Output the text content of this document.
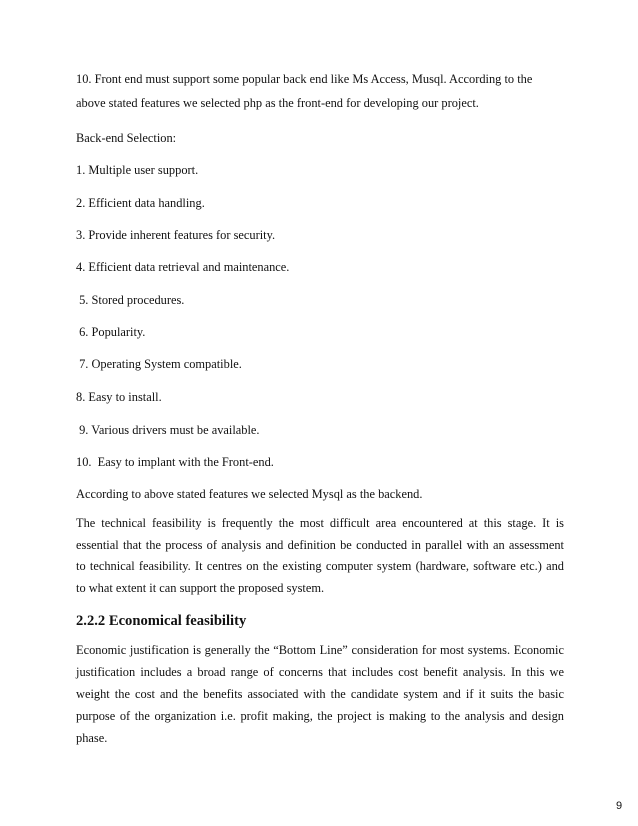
10. Front end must support some popular back end like Ms Access, Musql. According to the
above stated features we selected php as the front-end for developing our project.
Back-end Selection:
1. Multiple user support.
2. Efficient data handling.
3. Provide inherent features for security.
4. Efficient data retrieval and maintenance.
5. Stored procedures.
6. Popularity.
7. Operating System compatible.
8. Easy to install.
9. Various drivers must be available.
10.  Easy to implant with the Front-end.
According to above stated features we selected Mysql as the backend.
The technical feasibility is frequently the most difficult area encountered at this stage. It is
essential that the process of analysis and definition be conducted in parallel with an assessment
to technical feasibility. It centres on the existing computer system (hardware, software etc.) and
to what extent it can support the proposed system.
2.2.2 Economical feasibility
Economic justification is generally the “Bottom Line” consideration for most systems. Economic
justification includes a broad range of concerns that includes cost benefit analysis. In this we
weight the cost and the benefits associated with the candidate system and if it suits the basic
purpose of the organization i.e. profit making, the project is making to the analysis and design
phase.
9
